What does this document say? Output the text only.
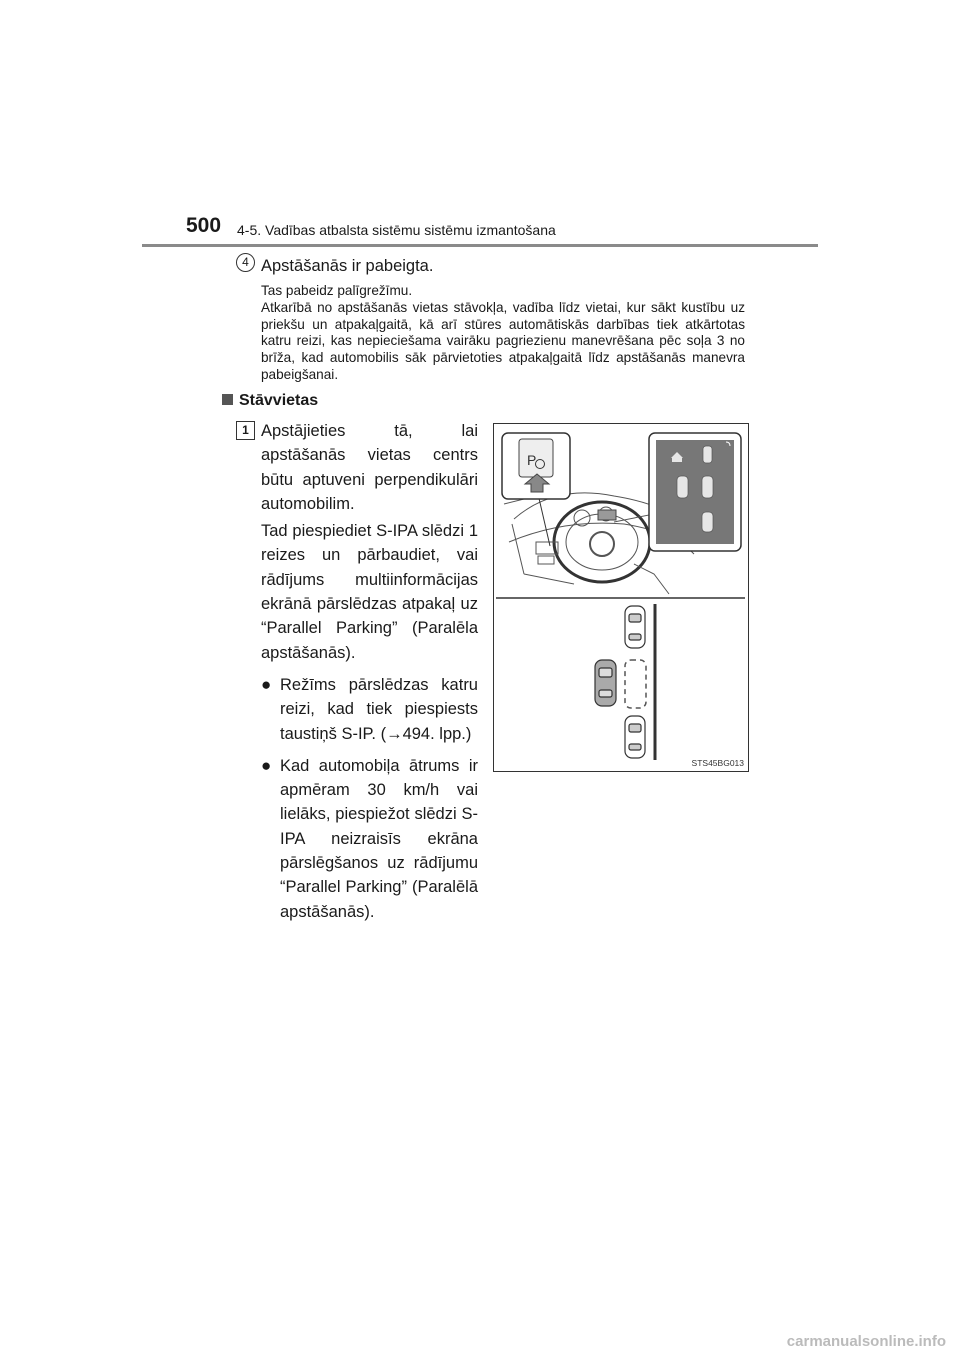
500 4-5. Vadības atbalsta sistēmu sistēmu izmantošana
4 Apstāšanās ir pabeigta.

Tas pabeidz palīgrežīmu.

Atkarībā no apstāšanās vietas stāvokļa, vadība līdz vietai, kur sākt kustību uz priekšu un atpakaļgaitā, kā arī stūres automātiskās darbības tiek atkārtotas katru reizi, kas nepieciešama vairāku pagriezienu manevrēšana pēc soļa 3 no brīža, kad automobilis sāk pārvietoties atpakaļgaitā līdz apstāšanās manevra pabeigšanai.

Stāvvietas
1 Apstājieties tā, lai apstāšanās vietas centrs būtu aptuveni perpendikulāri automobilim.

Tad piespiediet S-IPA slēdzi 1 reizes un pārbaudiet, vai rādījums multiinformācijas ekrānā pārslēdzas atpakaļ uz “Parallel Parking” (Paralēla apstāšanās).

● Režīms pārslēdzas katru reizi, kad tiek piespiests taustiņš S-IP. (→494. lpp.)

● Kad automobiļa ātrums ir apmēram 30 km/h vai lielāks, piespiežot slēdzi S-IPA neizraisīs ekrāna pārslēgšanos uz rādījumu “Parallel Parking” (Paralēlā apstāšanās).

P
STS45BG013
carmanualsonline.info
